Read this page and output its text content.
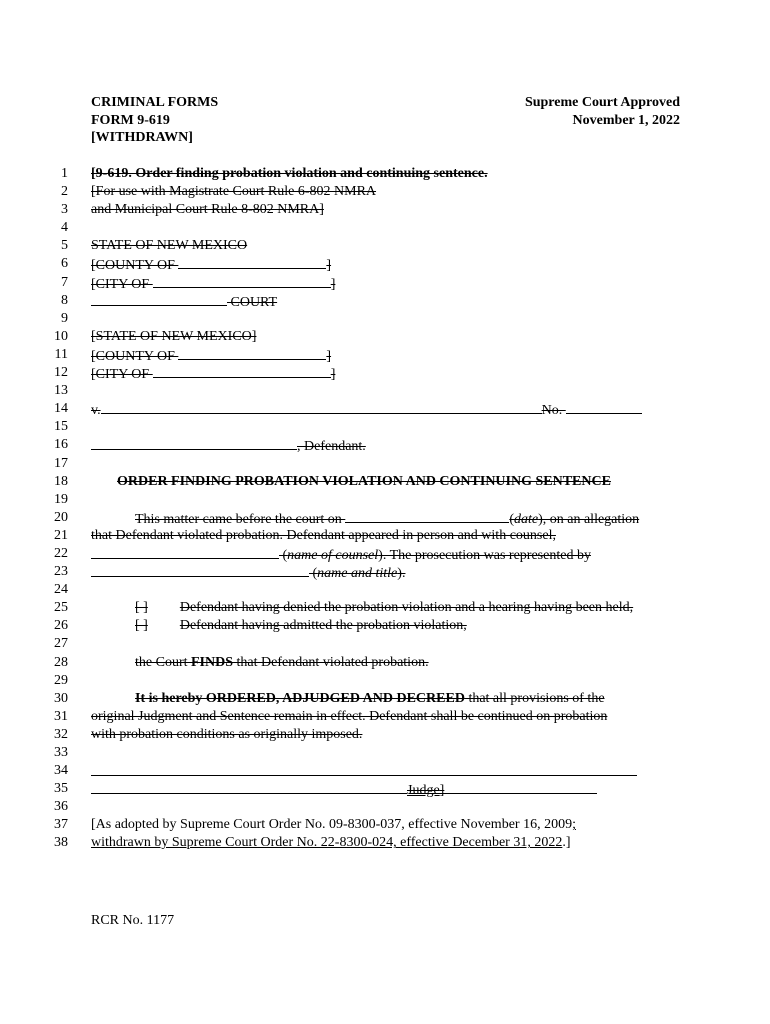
CRIMINAL FORMS
FORM 9-619
[WITHDRAWN]
Supreme Court Approved
November 1, 2022
1 [9-619. Order finding probation violation and continuing sentence.
2 [For use with Magistrate Court Rule 6-802 NMRA
3 and Municipal Court Rule 8-802 NMRA]
4
5 STATE OF NEW MEXICO
6 [COUNTY OF	]
7 [CITY OF	]
8	COURT
9
10 [STATE OF NEW MEXICO]
11 [COUNTY OF	]
12 [CITY OF	]
13
14 v.	No.
15
16	, Defendant.
17
18	ORDER FINDING PROBATION VIOLATION AND CONTINUING SENTENCE
19
20	This matter came before the court on	(date), on an allegation
21 that Defendant violated probation. Defendant appeared in person and with counsel,
22	(name of counsel). The prosecution was represented by
23	(name and title).
24
25	[ ] Defendant having denied the probation violation and a hearing having been held,
26	[ ] Defendant having admitted the probation violation,
27
28	the Court FINDS that Defendant violated probation.
29
30	It is hereby ORDERED, ADJUDGED AND DECREED that all provisions of the
31 original Judgment and Sentence remain in effect. Defendant shall be continued on probation
32 with probation conditions as originally imposed.
33
34
35	Judge]
36
37 [As adopted by Supreme Court Order No. 09-8300-037, effective November 16, 2009;
38 withdrawn by Supreme Court Order No. 22-8300-024, effective December 31, 2022.]
RCR No. 1177
